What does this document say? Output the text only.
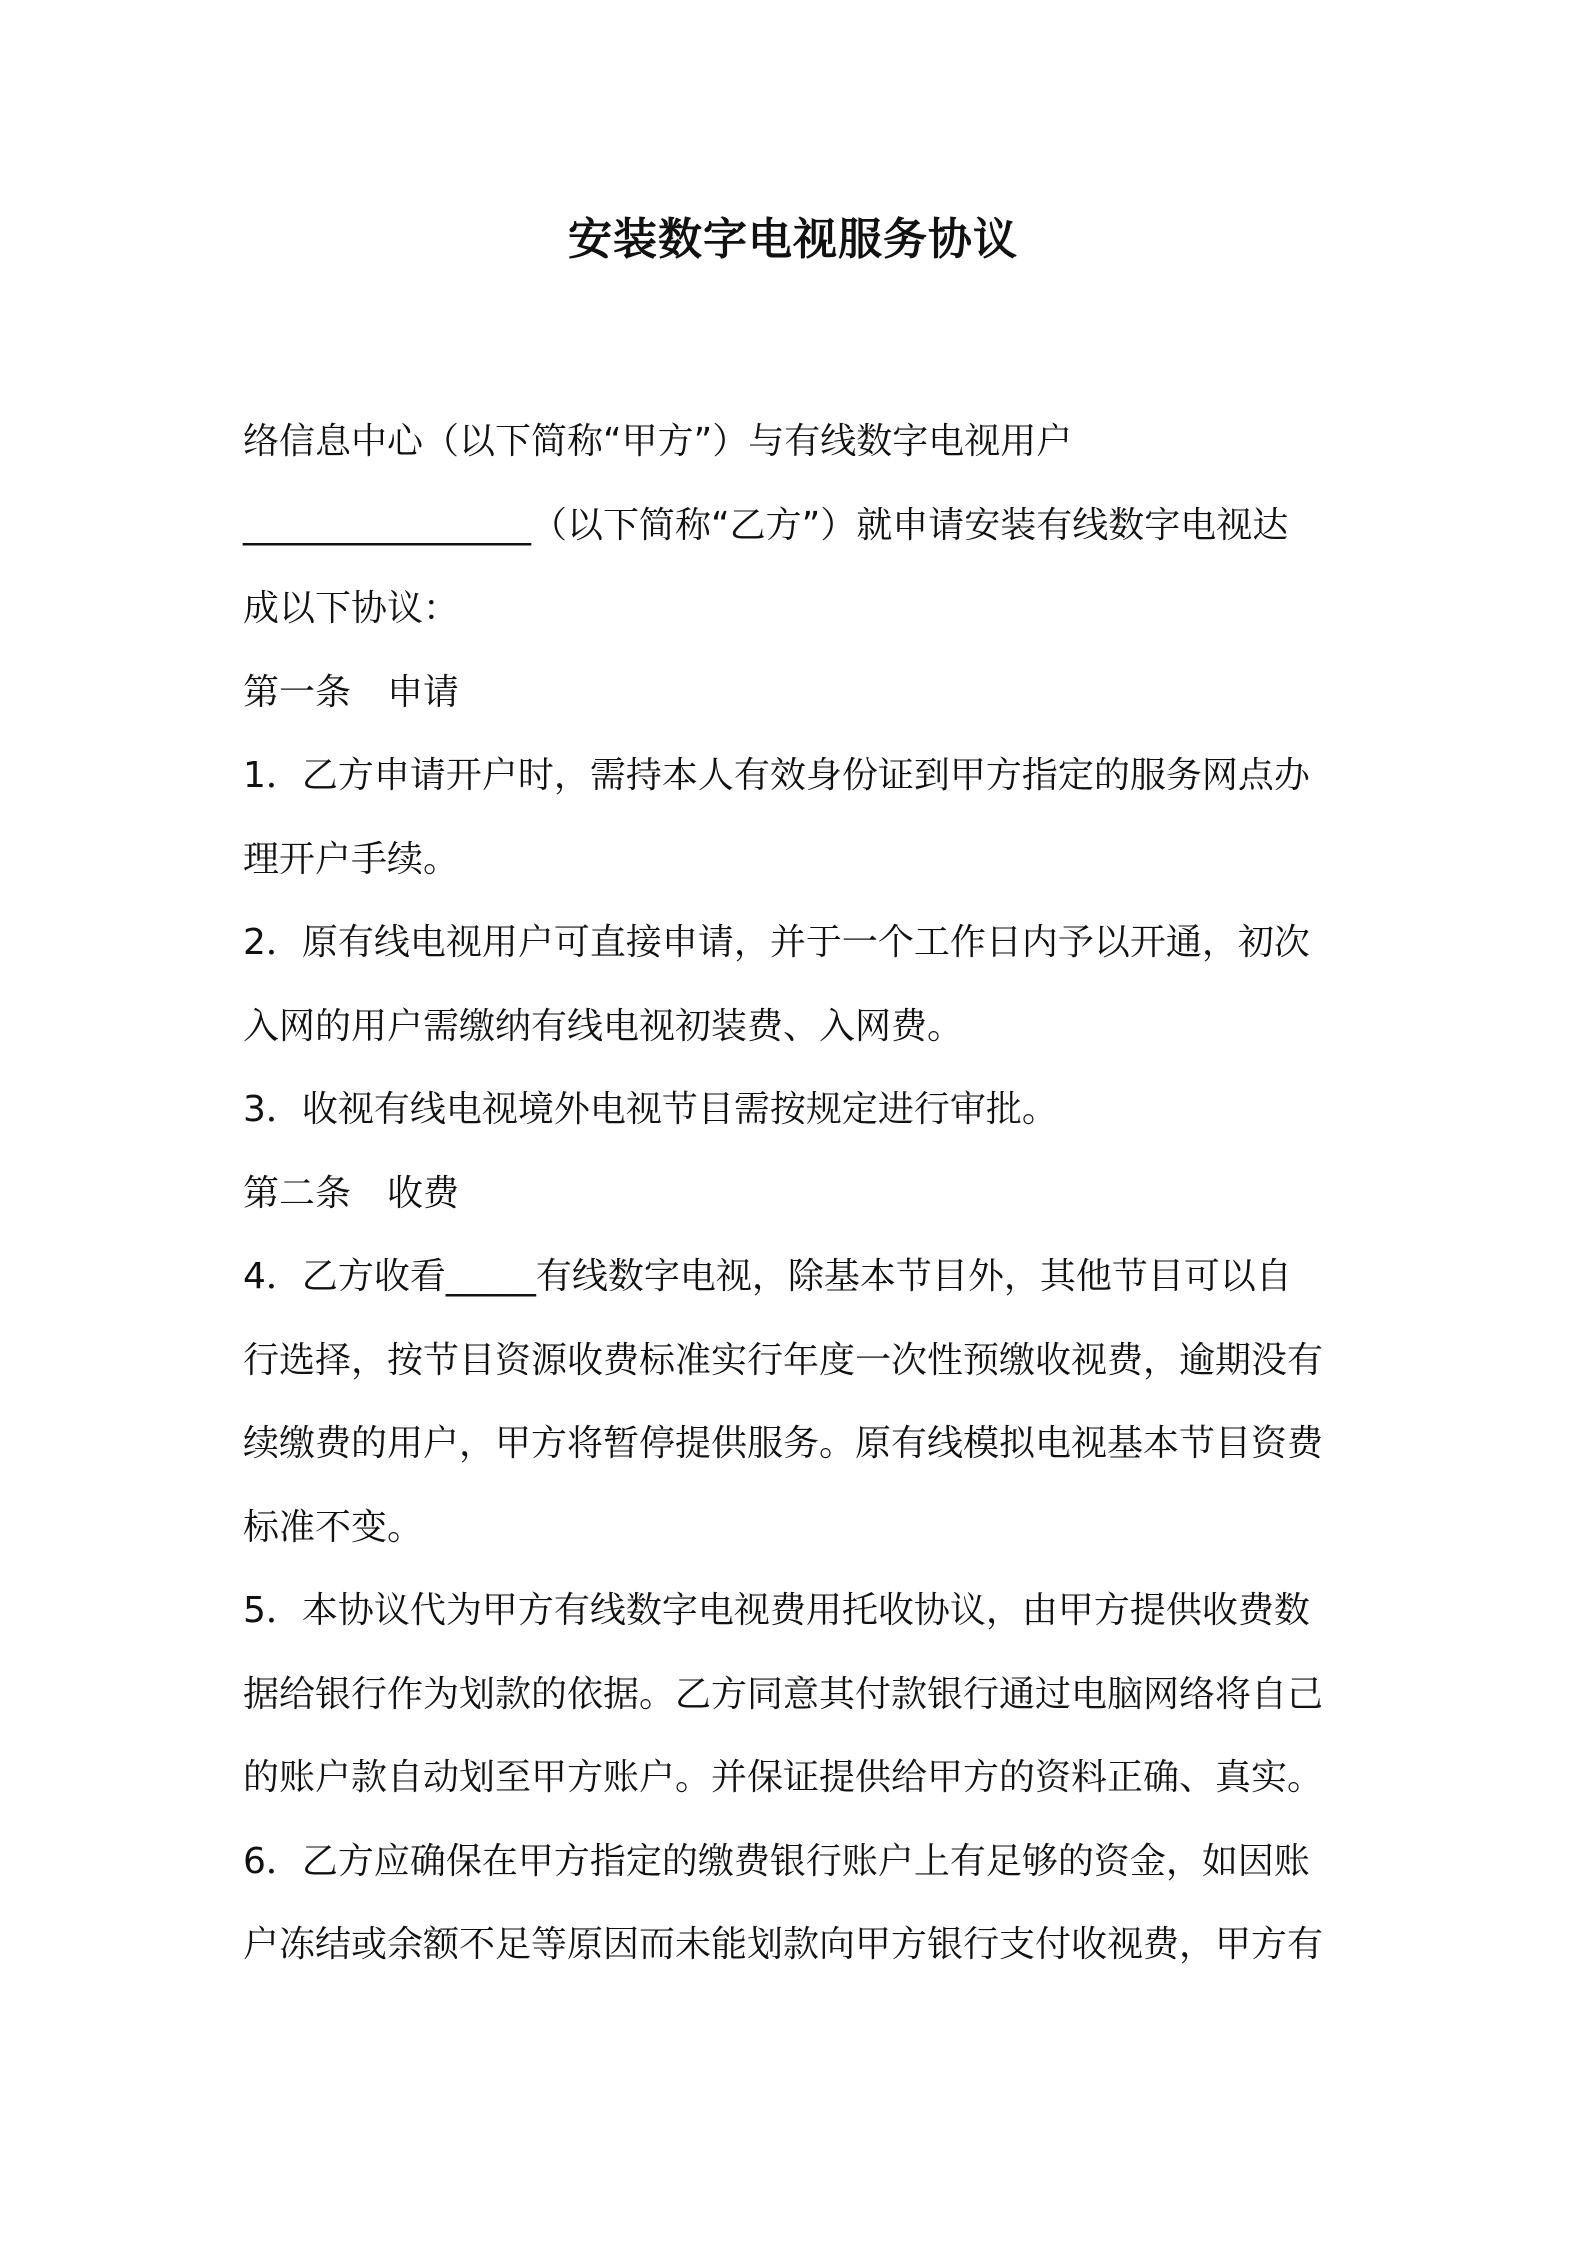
安装数字电视服务协议
络信息中心（以下简称“甲方”）与有线数字电视用户
________________（以下简称“乙方”）就申请安装有线数字电视达
成以下协议：
第一条　申请
1．乙方申请开户时，需持本人有效身份证到甲方指定的服务网点办
理开户手续。
2．原有线电视用户可直接申请，并于一个工作日内予以开通，初次
入网的用户需缴纳有线电视初装费、入网费。
3．收视有线电视境外电视节目需按规定进行审批。
第二条　收费
4．乙方收看_____有线数字电视，除基本节目外，其他节目可以自
行选择，按节目资源收费标准实行年度一次性预缴收视费，逾期没有
续缴费的用户，甲方将暂停提供服务。原有线模拟电视基本节目资费
标准不变。
5．本协议代为甲方有线数字电视费用托收协议，由甲方提供收费数
据给银行作为划款的依据。乙方同意其付款银行通过电脑网络将自己
的账户款自动划至甲方账户。并保证提供给甲方的资料正确、真实。
6．乙方应确保在甲方指定的缴费银行账户上有足够的资金，如因账
户冻结或余额不足等原因而未能划款向甲方银行支付收视费，甲方有
